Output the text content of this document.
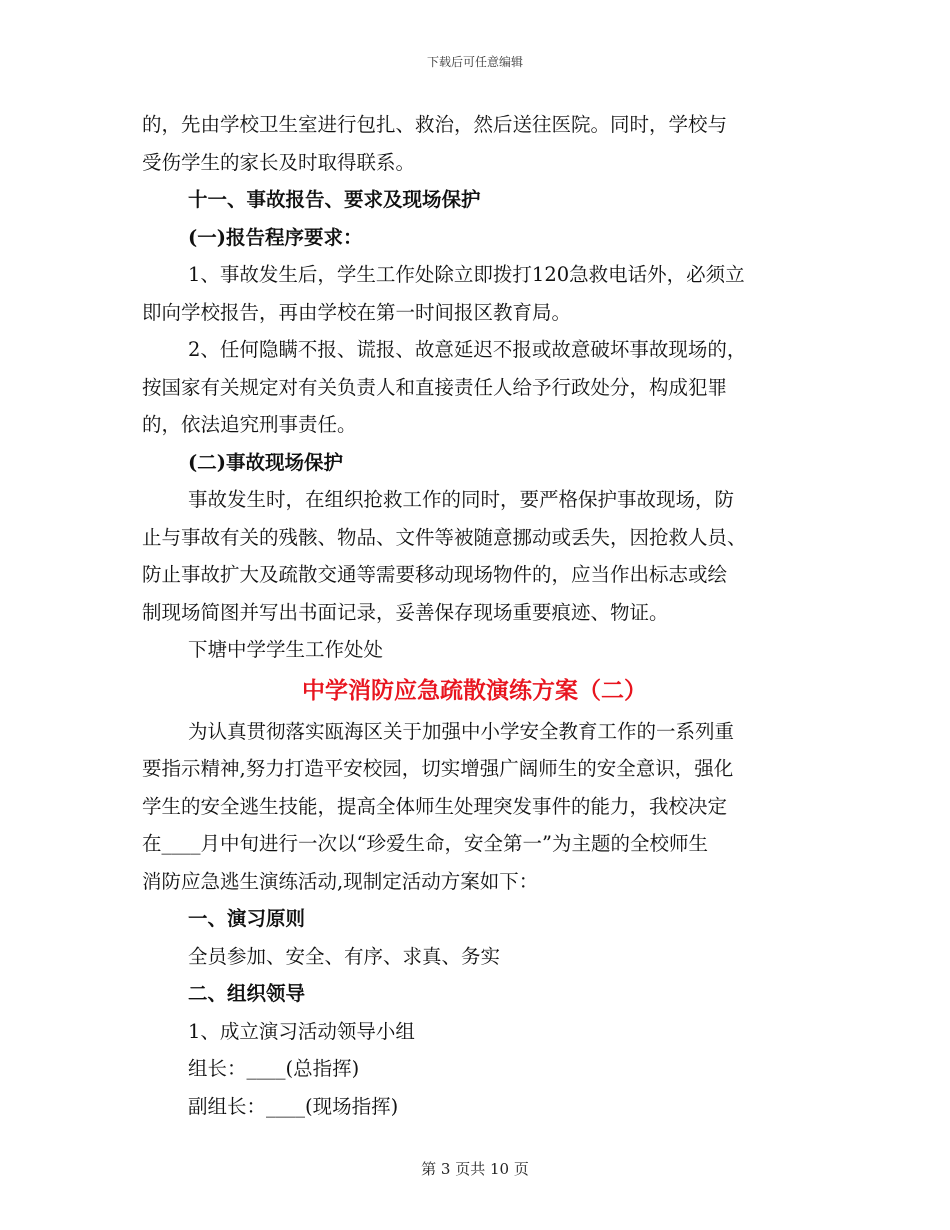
下载后可任意编辑

的，先由学校卫生室进行包扎、救治，然后送往医院。同时，学校与

受伤学生的家长及时取得联系。

十一、事故报告、要求及现场保护

(一)报告程序要求：

1、事故发生后，学生工作处除立即拨打120急救电话外，必须立

即向学校报告，再由学校在第一时间报区教育局。

2、任何隐瞒不报、谎报、故意延迟不报或故意破坏事故现场的，

按国家有关规定对有关负责人和直接责任人给予行政处分，构成犯罪

的，依法追究刑事责任。

(二)事故现场保护

事故发生时，在组织抢救工作的同时，要严格保护事故现场，防

止与事故有关的残骸、物品、文件等被随意挪动或丢失，因抢救人员、

防止事故扩大及疏散交通等需要移动现场物件的，应当作出标志或绘

制现场简图并写出书面记录，妥善保存现场重要痕迹、物证。

下塘中学学生工作处处

中学消防应急疏散演练方案（二）

为认真贯彻落实瓯海区关于加强中小学安全教育工作的一系列重

要指示精神,努力打造平安校园，切实增强广阔师生的安全意识，强化

学生的安全逃生技能，提高全体师生处理突发事件的能力，我校决定

在____月中旬进行一次以“珍爱生命，安全第一”为主题的全校师生

消防应急逃生演练活动,现制定活动方案如下：

一、演习原则

全员参加、安全、有序、求真、务实

二、组织领导

1、成立演习活动领导小组

组长：____(总指挥)

副组长：____(现场指挥)

第 3 页共 10 页
